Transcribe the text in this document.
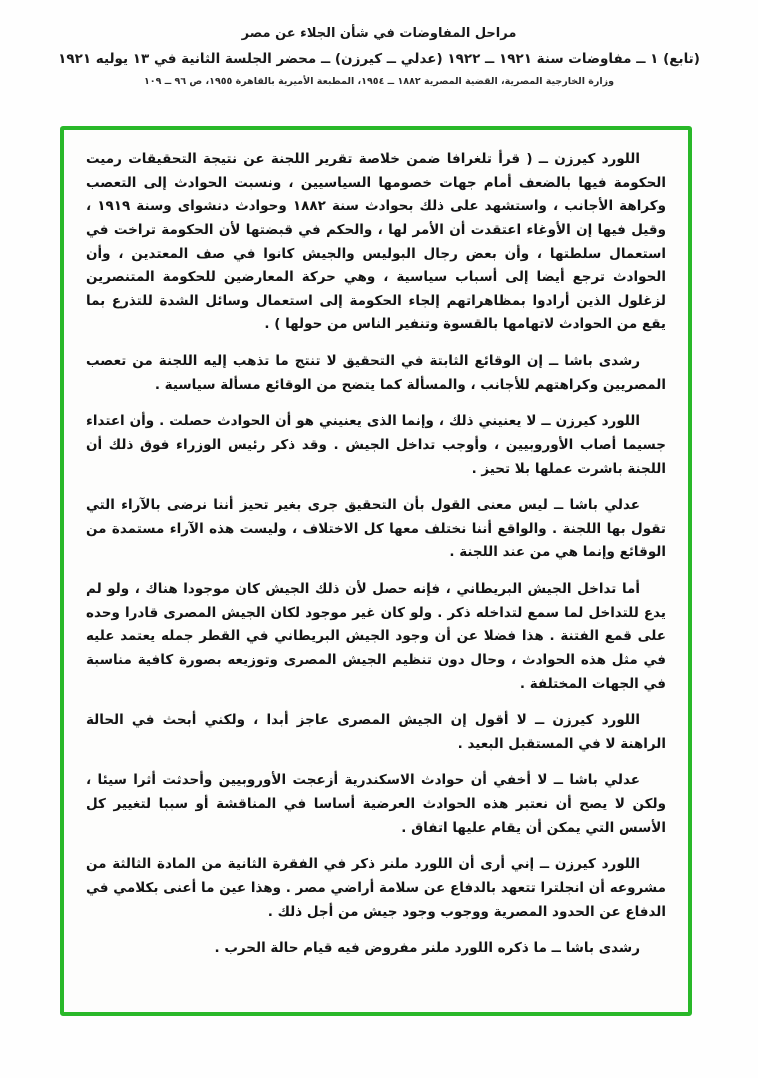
مراحل المفاوضات في شأن الجلاء عن مصر

(تابع) ١ ــ مفاوضات سنة ١٩٢١ ــ ١٩٢٢ (عدلي ــ كيرزن) ــ محضر الجلسة الثانية في ١٣ يوليه ١٩٢١

وزارة الخارجية المصرية، القضية المصرية ١٨٨٢ ــ ١٩٥٤، المطبعة الأميرية بالقاهرة ١٩٥٥، ص ٩٦ ــ ١٠٩

اللورد كيرزن ــ ( قرأ تلغرافا ضمن خلاصة تقرير اللجنة عن نتيجة التحقيقات رميت الحكومة فيها بالضعف أمام جهات خصومها السياسيين ، ونسبت الحوادث إلى التعصب وكراهة الأجانب ، واستشهد على ذلك بحوادث سنة ١٨٨٢ وحوادث دنشواى وسنة ١٩١٩ ، وقيل فيها إن الأوغاء اعتقدت أن الأمر لها ، والحكم في قبضتها لأن الحكومة تراخت في استعمال سلطتها ، وأن بعض رجال البوليس والجيش كانوا في صف المعتدين ، وأن الحوادث ترجع أيضا إلى أسباب سياسية ، وهي حركة المعارضين للحكومة المتنصرين لزغلول الذين أرادوا بمظاهراتهم إلجاء الحكومة إلى استعمال وسائل الشدة للتذرع بما يقع من الحوادث لاتهامها بالقسوة وتنفير الناس من حولها ) .

رشدى باشا ــ إن الوقائع الثابتة في التحقيق لا تنتج ما تذهب إليه اللجنة من تعصب المصريين وكراهتهم للأجانب ، والمسألة كما يتضح من الوقائع مسألة سياسية .

اللورد كيرزن ــ لا يعنيني ذلك ، وإنما الذى يعنيني هو أن الحوادث حصلت . وأن اعتداء جسيما أصاب الأوروبيين ، وأوجب تداخل الجيش . وقد ذكر رئيس الوزراء فوق ذلك أن اللجنة باشرت عملها بلا تحيز .

عدلي باشا ــ ليس معنى القول بأن التحقيق جرى بغير تحيز أننا نرضى بالآراء التي تقول بها اللجنة . والواقع أننا نختلف معها كل الاختلاف ، وليست هذه الآراء مستمدة من الوقائع وإنما هي من عند اللجنة .

أما تداخل الجيش البريطاني ، فإنه حصل لأن ذلك الجيش كان موجودا هناك ، ولو لم يدع للتداخل لما سمع لتداخله ذكر . ولو كان غير موجود لكان الجيش المصرى قادرا وحده على قمع الفتنة . هذا فضلا عن أن وجود الجيش البريطاني في القطر جمله يعتمد عليه في مثل هذه الحوادث ، وحال دون تنظيم الجيش المصرى وتوزيعه بصورة كافية مناسبة في الجهات المختلفة .

اللورد كيرزن ــ لا أقول إن الجيش المصرى عاجز أبدا ، ولكني أبحث في الحالة الراهنة لا في المستقبل البعيد .

عدلي باشا ــ لا أخفي أن حوادث الاسكندرية أزعجت الأوروبيين وأحدثت أثرا سيئا ، ولكن لا يصح أن نعتبر هذه الحوادث العرضية أساسا في المناقشة أو سببا لتغيير كل الأسس التي يمكن أن يقام عليها اتفاق .

اللورد كيرزن ــ إني أرى أن اللورد ملنر ذكر في الفقرة الثانية من المادة الثالثة من مشروعه أن انجلترا تتعهد بالدفاع عن سلامة أراضي مصر . وهذا عين ما أعنى بكلامي في الدفاع عن الحدود المصرية ووجوب وجود جيش من أجل ذلك .

رشدى باشا ــ ما ذكره اللورد ملنر مفروض فيه قيام حالة الحرب .
